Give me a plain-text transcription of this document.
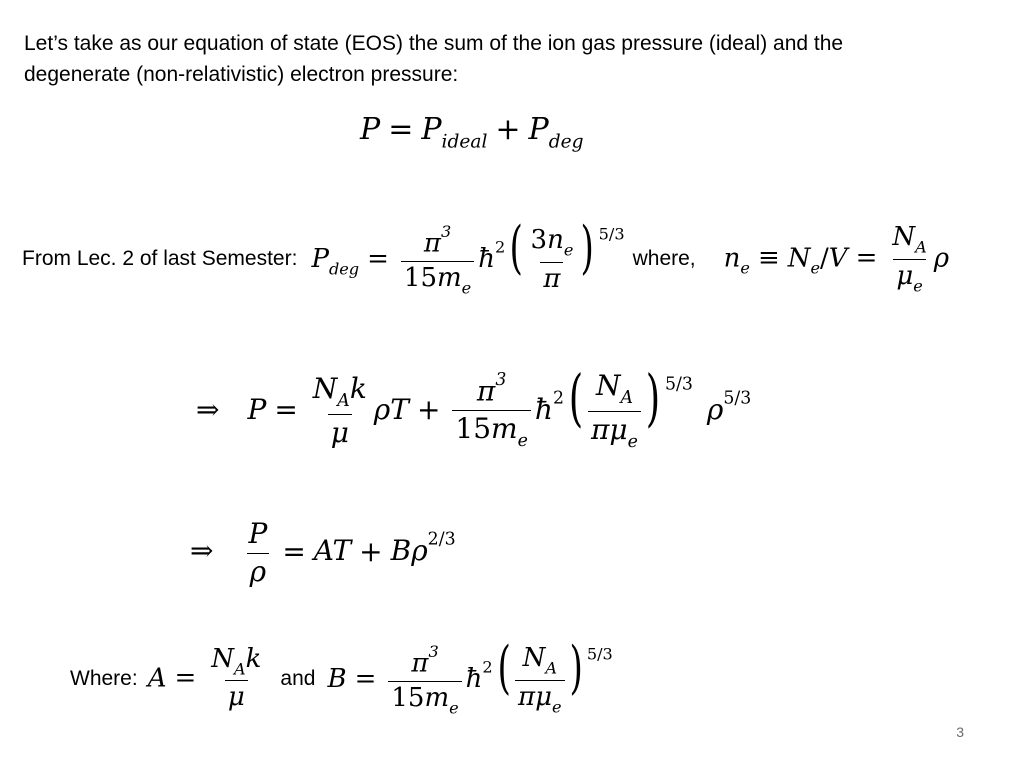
Let’s take as our equation of state (EOS) the sum of the ion gas pressure (ideal) and the
degenerate (non-relativistic) electron pressure:
$P = P_{ideal} + P_{deg}$
From Lec. 2 of last Semester: $P_{deg} = \frac{\pi^3}{15m_e}$ $ħ^2( \frac{3n_e}{\pi}$ ) $^{5/3}$
where, $n_e \equiv N_e/V = \frac{N_A}{\mu_e}$ ρ
⇒ $P = \frac{N_Ak}{\mu}$ $\rho T + \frac{\pi^3}{15m_e}$ $ħ^2( \frac{N_A}{\pi\mu_e}$ ) $^{5/3}\rho^{5/3}$
⇒ $\frac{P}{\rho}$ = AT + $B\rho^{2/3}$
Where: $A = \frac{N_Ak}{\mu}$ and $B = \frac{\pi^3}{15m_e}$ $ħ^2( \frac{N_A}{\pi\mu_e}$ ) $^{5/3}$
3
